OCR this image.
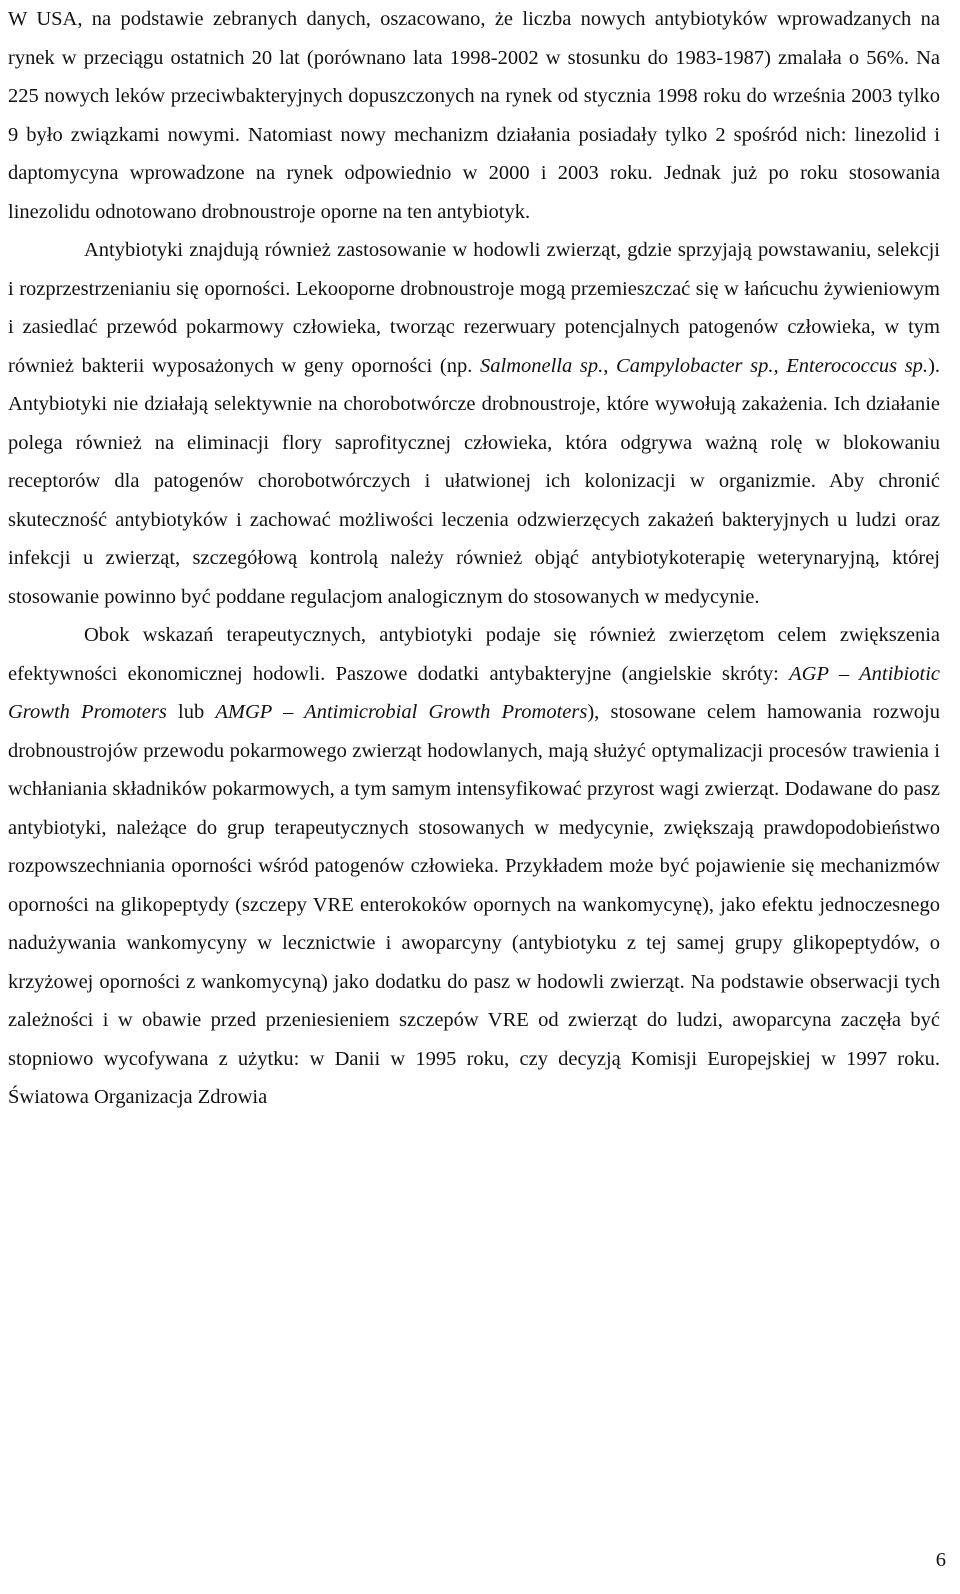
W USA, na podstawie zebranych danych, oszacowano, że liczba nowych antybiotyków wprowadzanych na rynek w przeciągu ostatnich 20 lat (porównano lata 1998-2002 w stosunku do 1983-1987) zmalała o 56%. Na 225 nowych leków przeciwbakteryjnych dopuszczonych na rynek od stycznia 1998 roku do września 2003 tylko 9 było związkami nowymi. Natomiast nowy mechanizm działania posiadały tylko 2 spośród nich: linezolid i daptomycyna wprowadzone na rynek odpowiednio w 2000 i 2003 roku. Jednak już po roku stosowania linezolidu odnotowano drobnoustroje oporne na ten antybiotyk.

Antybiotyki znajdują również zastosowanie w hodowli zwierząt, gdzie sprzyjają powstawaniu, selekcji i rozprzestrzenianiu się oporności. Lekooporne drobnoustroje mogą przemieszczać się w łańcuchu żywieniowym i zasiedlać przewód pokarmowy człowieka, tworząc rezerwuary potencjalnych patogenów człowieka, w tym również bakterii wyposażonych w geny oporności (np. Salmonella sp., Campylobacter sp., Enterococcus sp.). Antybiotyki nie działają selektywnie na chorobotwórcze drobnoustroje, które wywołują zakażenia. Ich działanie polega również na eliminacji flory saprofitycznej człowieka, która odgrywa ważną rolę w blokowaniu receptorów dla patogenów chorobotwórczych i ułatwionej ich kolonizacji w organizmie. Aby chronić skuteczność antybiotyków i zachować możliwości leczenia odzwierzęcych zakażeń bakteryjnych u ludzi oraz infekcji u zwierząt, szczegółową kontrolą należy również objąć antybiotykoterapię weterynaryjną, której stosowanie powinno być poddane regulacjom analogicznym do stosowanych w medycynie.

Obok wskazań terapeutycznych, antybiotyki podaje się również zwierzętom celem zwiększenia efektywności ekonomicznej hodowli. Paszowe dodatki antybakteryjne (angielskie skróty: AGP – Antibiotic Growth Promoters lub AMGP – Antimicrobial Growth Promoters), stosowane celem hamowania rozwoju drobnoustrojów przewodu pokarmowego zwierząt hodowlanych, mają służyć optymalizacji procesów trawienia i wchłaniania składników pokarmowych, a tym samym intensyfikować przyrost wagi zwierząt. Dodawane do pasz antybiotyki, należące do grup terapeutycznych stosowanych w medycynie, zwiększają prawdopodobieństwo rozpowszechniania oporności wśród patogenów człowieka. Przykładem może być pojawienie się mechanizmów oporności na glikopeptydy (szczepy VRE enterokoków opornych na wankomycynę), jako efektu jednoczesnego nadużywania wankomycyny w lecznictwie i awoparcyny (antybiotyku z tej samej grupy glikopeptydów, o krzyżowej oporności z wankomycyną) jako dodatku do pasz w hodowli zwierząt. Na podstawie obserwacji tych zależności i w obawie przed przeniesieniem szczepów VRE od zwierząt do ludzi, awoparcyna zaczęła być stopniowo wycofywana z użytku: w Danii w 1995 roku, czy decyzją Komisji Europejskiej w 1997 roku. Światowa Organizacja Zdrowia

6
